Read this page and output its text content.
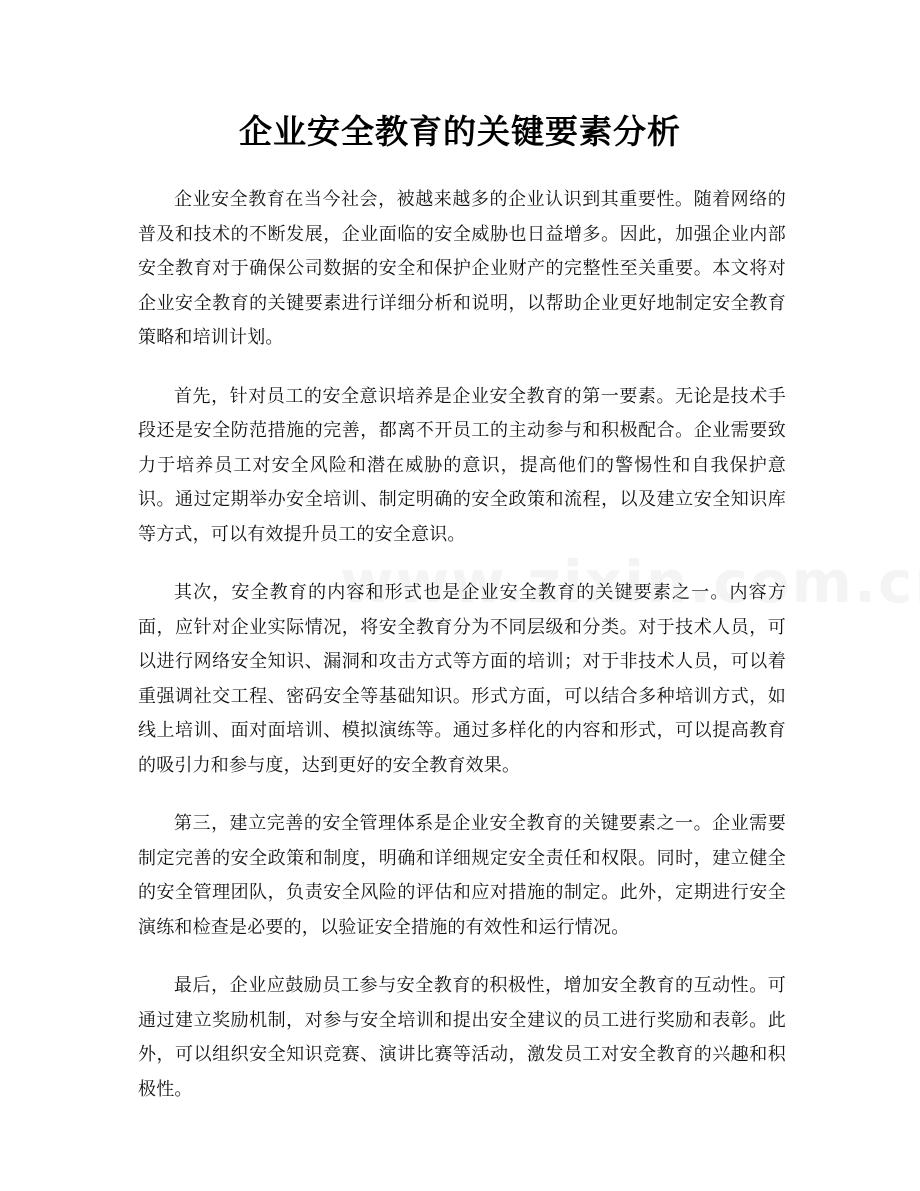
企业安全教育的关键要素分析

企业安全教育在当今社会，被越来越多的企业认识到其重要性。随着网络的普及和技术的不断发展，企业面临的安全威胁也日益增多。因此，加强企业内部安全教育对于确保公司数据的安全和保护企业财产的完整性至关重要。本文将对企业安全教育的关键要素进行详细分析和说明，以帮助企业更好地制定安全教育策略和培训计划。

首先，针对员工的安全意识培养是企业安全教育的第一要素。无论是技术手段还是安全防范措施的完善，都离不开员工的主动参与和积极配合。企业需要致力于培养员工对安全风险和潜在威胁的意识，提高他们的警惕性和自我保护意识。通过定期举办安全培训、制定明确的安全政策和流程，以及建立安全知识库等方式，可以有效提升员工的安全意识。

其次，安全教育的内容和形式也是企业安全教育的关键要素之一。内容方面，应针对企业实际情况，将安全教育分为不同层级和分类。对于技术人员，可以进行网络安全知识、漏洞和攻击方式等方面的培训；对于非技术人员，可以着重强调社交工程、密码安全等基础知识。形式方面，可以结合多种培训方式，如线上培训、面对面培训、模拟演练等。通过多样化的内容和形式，可以提高教育的吸引力和参与度，达到更好的安全教育效果。

第三，建立完善的安全管理体系是企业安全教育的关键要素之一。企业需要制定完善的安全政策和制度，明确和详细规定安全责任和权限。同时，建立健全的安全管理团队，负责安全风险的评估和应对措施的制定。此外，定期进行安全演练和检查是必要的，以验证安全措施的有效性和运行情况。

最后，企业应鼓励员工参与安全教育的积极性，增加安全教育的互动性。可通过建立奖励机制，对参与安全培训和提出安全建议的员工进行奖励和表彰。此外，可以组织安全知识竞赛、演讲比赛等活动，激发员工对安全教育的兴趣和积极性。
